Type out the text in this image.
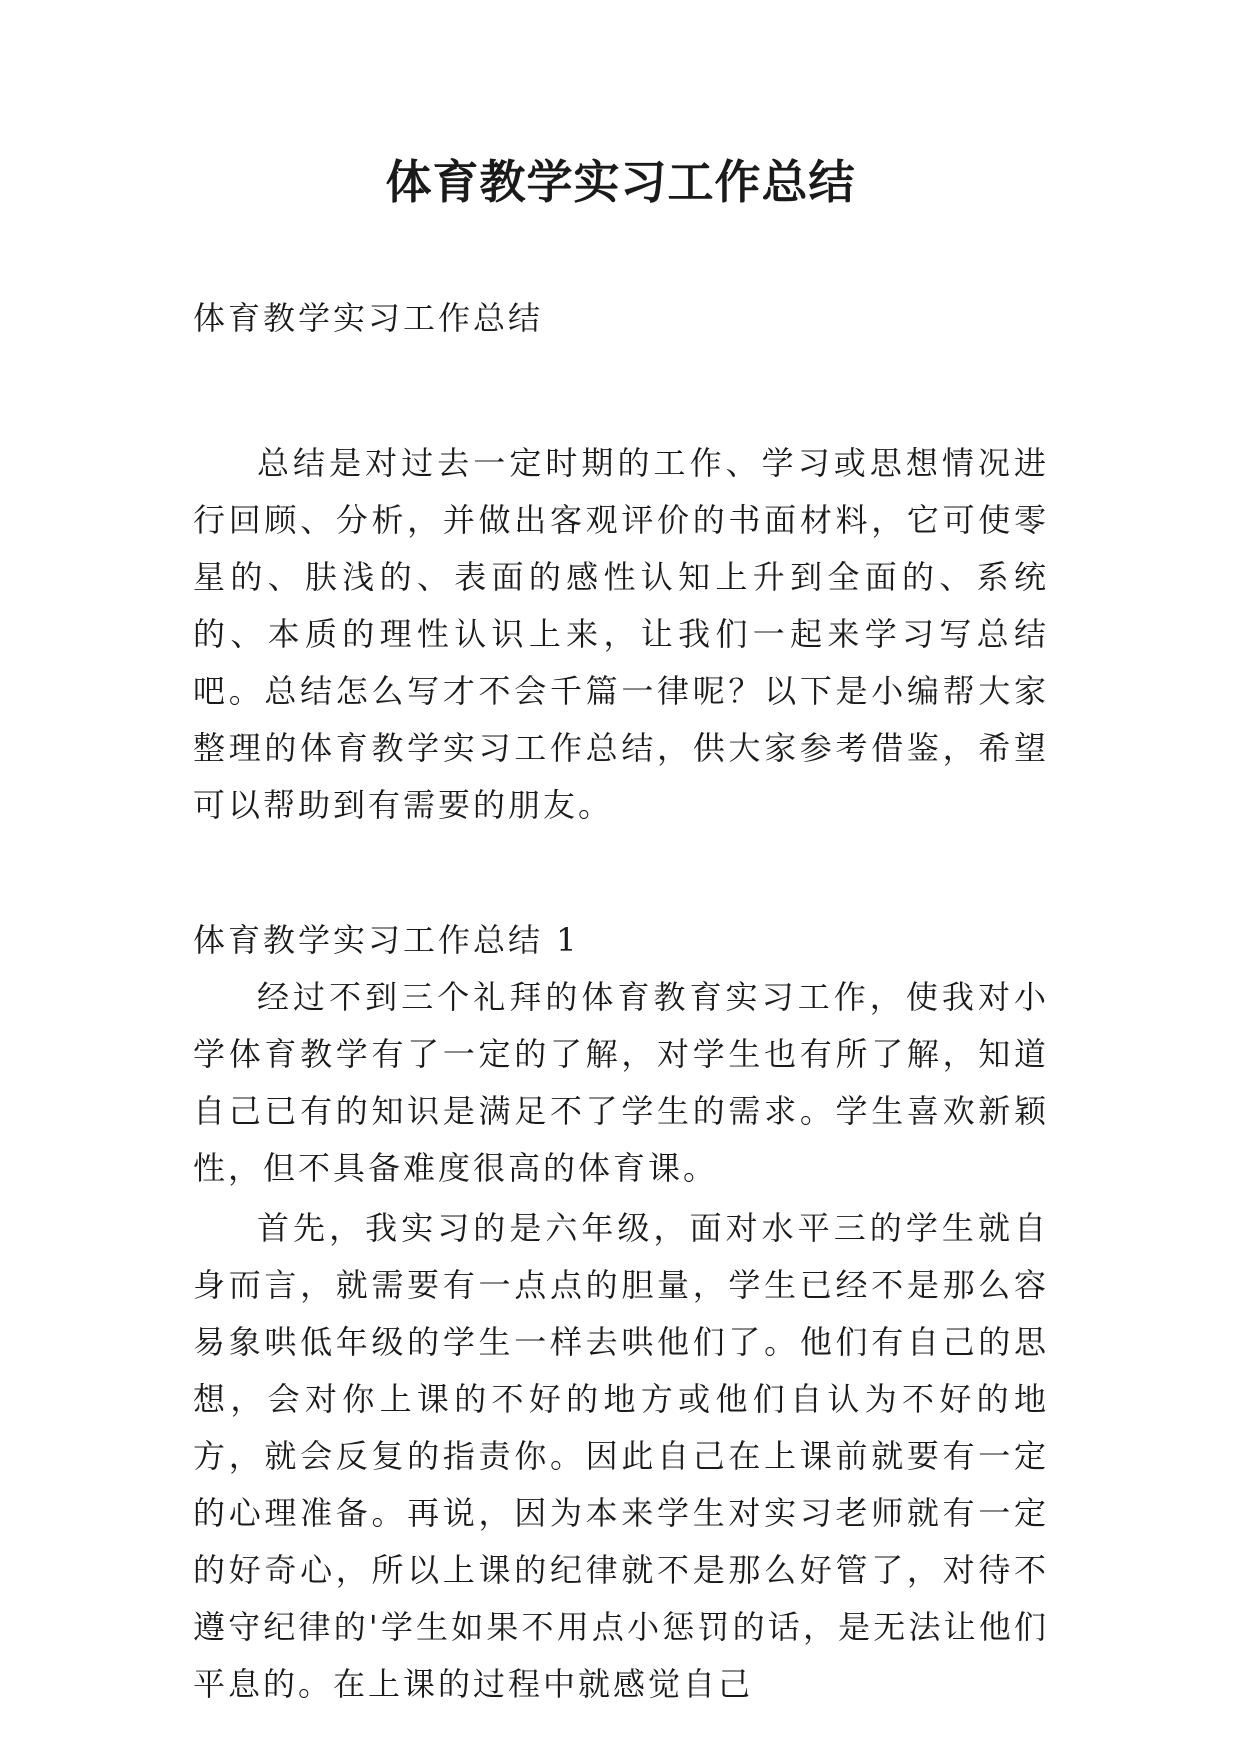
体育教学实习工作总结

体育教学实习工作总结

总结是对过去一定时期的工作、学习或思想情况进行回顾、分析，并做出客观评价的书面材料，它可使零星的、肤浅的、表面的感性认知上升到全面的、系统的、本质的理性认识上来，让我们一起来学习写总结吧。总结怎么写才不会千篇一律呢？以下是小编帮大家整理的体育教学实习工作总结，供大家参考借鉴，希望可以帮助到有需要的朋友。

体育教学实习工作总结 1

经过不到三个礼拜的体育教育实习工作，使我对小学体育教学有了一定的了解，对学生也有所了解，知道自己已有的知识是满足不了学生的需求。学生喜欢新颖性，但不具备难度很高的体育课。

首先，我实习的是六年级，面对水平三的学生就自身而言，就需要有一点点的胆量，学生已经不是那么容易象哄低年级的学生一样去哄他们了。他们有自己的思想，会对你上课的不好的地方或他们自认为不好的地方，就会反复的指责你。因此自己在上课前就要有一定的心理准备。再说，因为本来学生对实习老师就有一定的好奇心，所以上课的纪律就不是那么好管了，对待不遵守纪律的'学生如果不用点小惩罚的话，是无法让他们平息的。在上课的过程中就感觉自己
